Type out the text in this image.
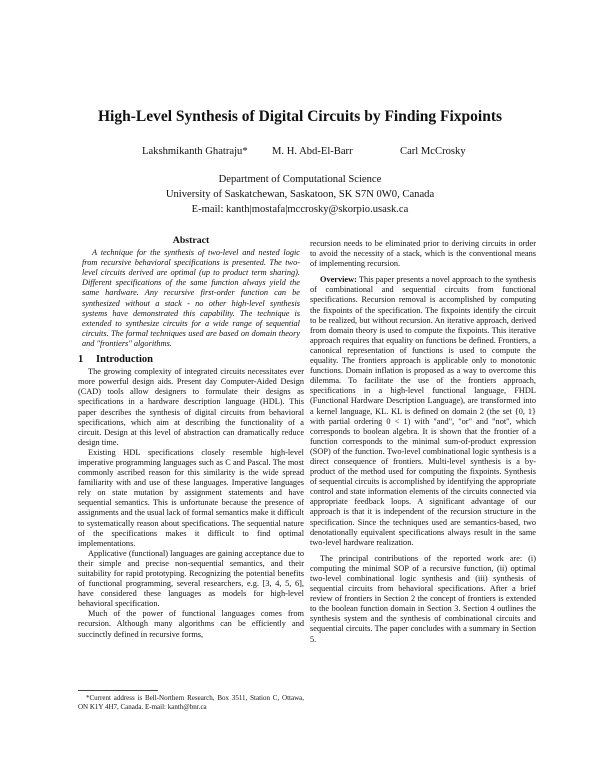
High-Level Synthesis of Digital Circuits by Finding Fixpoints
Lakshmikanth Ghatraju* M. H. Abd-El-Barr	Carl McCrosky
Department of Computational Science
University of Saskatchewan, Saskatoon, SK S7N 0W0, Canada
E-mail: kanth|mostafa|mccrosky@skorpio.usask.ca
Abstract

A technique for the synthesis of two-level and nested logic from recursive behavioral specifications is presented. The two-level circuits derived are optimal (up to product term sharing). Different specifications of the same function always yield the same hardware. Any recursive first-order function can be synthesized without a stack - no other high-level synthesis systems have demonstrated this capability. The technique is extended to synthesize circuits for a wide range of sequential circuits. The formal techniques used are based on domain theory and "frontiers" algorithms.

1 Introduction

The growing complexity of integrated circuits necessitates ever more powerful design aids. Present day Computer-Aided Design (CAD) tools allow designers to formulate their designs as specifications in a hardware description language (HDL). This paper describes the synthesis of digital circuits from behavioral specifications, which aim at describing the functionality of a circuit. Design at this level of abstraction can dramatically reduce design time.

Existing HDL specifications closely resemble high-level imperative programming languages such as C and Pascal. The most commonly ascribed reason for this similarity is the wide spread familiarity with and use of these languages. Imperative languages rely on state mutation by assignment statements and have sequential semantics. This is unfortunate because the presence of assignments and the usual lack of formal semantics make it difficult to systematically reason about specifications. The sequential nature of the specifications makes it difficult to find optimal implementations.

Applicative (functional) languages are gaining acceptance due to their simple and precise non-sequential semantics, and their suitability for rapid prototyping. Recognizing the potential benefits of functional programming, several researchers, e.g. [3, 4, 5, 6], have considered these languages as models for high-level behavioral specification.

Much of the power of functional languages comes from recursion. Although many algorithms can be efficiently and succinctly defined in recursive forms,

recursion needs to be eliminated prior to deriving circuits in order to avoid the necessity of a stack, which is the conventional means of implementing recursion.

Overview: This paper presents a novel approach to the synthesis of combinational and sequential circuits from functional specifications. Recursion removal is accomplished by computing the fixpoints of the specification. The fixpoints identify the circuit to be realized, but without recursion. An iterative approach, derived from domain theory is used to compute the fixpoints. This iterative approach requires that equality on functions be defined. Frontiers, a canonical representation of functions is used to compute the equality. The frontiers approach is applicable only to monotonic functions. Domain inflation is proposed as a way to overcome this dilemma. To facilitate the use of the frontiers approach, specifications in a high-level functional language, FHDL (Functional Hardware Description Language), are transformed into a kernel language, KL. KL is defined on domain 2 (the set {0, 1} with partial ordering 0 < 1) with "and", "or" and "not", which corresponds to boolean algebra. It is shown that the frontier of a function corresponds to the minimal sum-of-product expression (SOP) of the function. Two-level combinational logic synthesis is a direct consequence of frontiers. Multi-level synthesis is a by-product of the method used for computing the fixpoints. Synthesis of sequential circuits is accomplished by identifying the appropriate control and state information elements of the circuits connected via appropriate feedback loops. A significant advantage of our approach is that it is independent of the recursion structure in the specification. Since the techniques used are semantics-based, two denotationally equivalent specifications always result in the same two-level hardware realization.

The principal contributions of the reported work are: (i) computing the minimal SOP of a recursive function, (ii) optimal two-level combinational logic synthesis and (iii) synthesis of sequential circuits from behavioral specifications. After a brief review of frontiers in Section 2 the concept of frontiers is extended to the boolean function domain in Section 3. Section 4 outlines the synthesis system and the synthesis of combinational circuits and sequential circuits. The paper concludes with a summary in Section 5.

*Current address is Bell-Northern Research, Box 3511, Station C, Ottawa, ON K1Y 4H7, Canada. E-mail: kanth@bnr.ca
